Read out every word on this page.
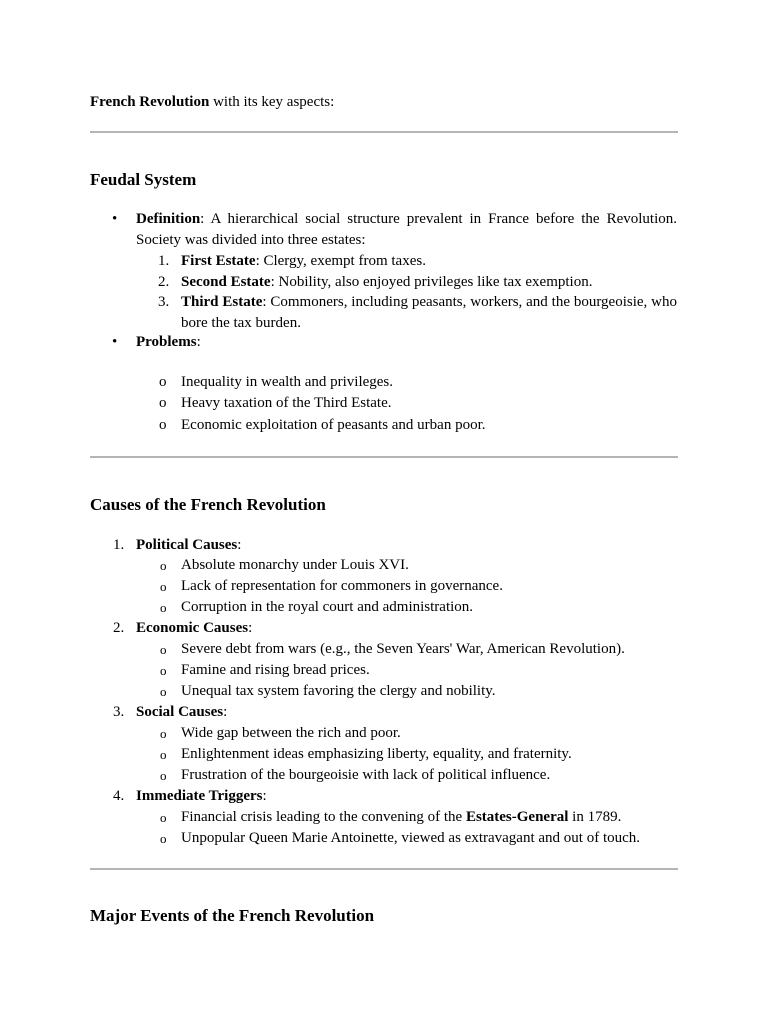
French Revolution with its key aspects:
Feudal System
• Definition: A hierarchical social structure prevalent in France before the Revolution. Society was divided into three estates:
1. First Estate: Clergy, exempt from taxes.
2. Second Estate: Nobility, also enjoyed privileges like tax exemption.
3. Third Estate: Commoners, including peasants, workers, and the bourgeoisie, who bore the tax burden.
• Problems:
o Inequality in wealth and privileges.
o Heavy taxation of the Third Estate.
o Economic exploitation of peasants and urban poor.
Causes of the French Revolution
1. Political Causes:
o Absolute monarchy under Louis XVI.
o Lack of representation for commoners in governance.
o Corruption in the royal court and administration.
2. Economic Causes:
o Severe debt from wars (e.g., the Seven Years' War, American Revolution).
o Famine and rising bread prices.
o Unequal tax system favoring the clergy and nobility.
3. Social Causes:
o Wide gap between the rich and poor.
o Enlightenment ideas emphasizing liberty, equality, and fraternity.
o Frustration of the bourgeoisie with lack of political influence.
4. Immediate Triggers:
o Financial crisis leading to the convening of the Estates-General in 1789.
o Unpopular Queen Marie Antoinette, viewed as extravagant and out of touch.
Major Events of the French Revolution
